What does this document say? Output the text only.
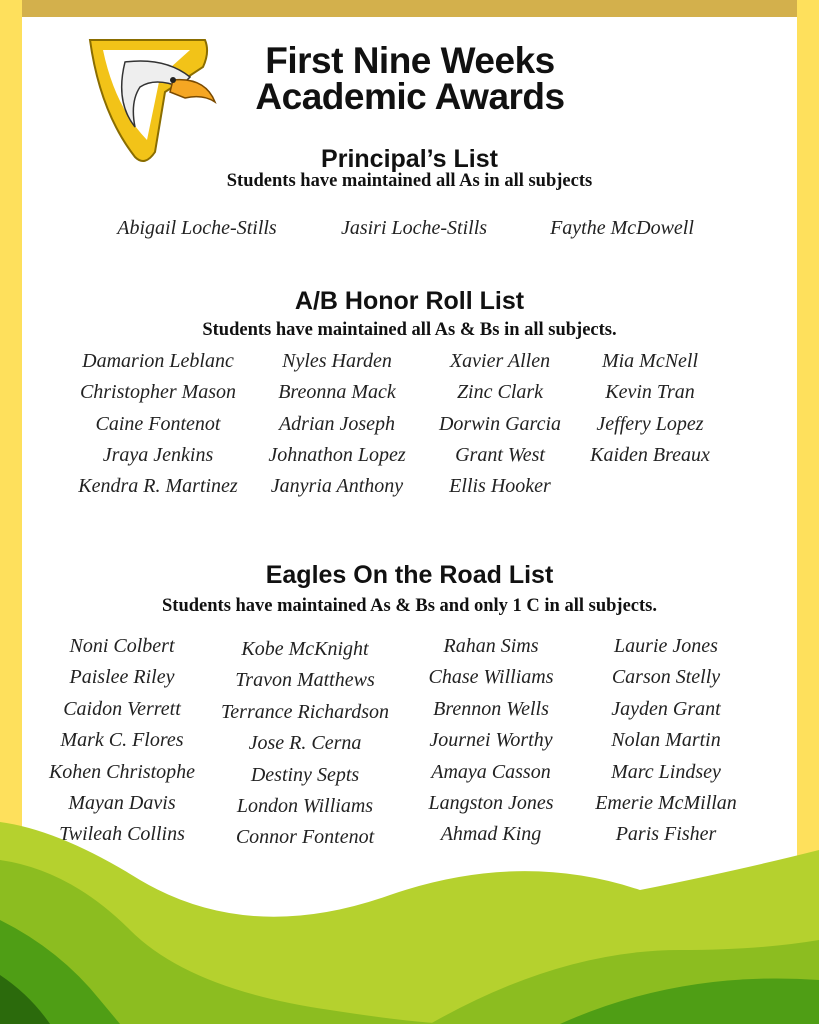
First Nine Weeks
Academic Awards
Principal’s List
Students have maintained all As in all subjects
Abigail Loche-Stills	Jasiri Loche-Stills	Faythe McDowell
A/B Honor Roll List
Students have maintained all As & Bs in all subjects.
Damarion Leblanc
Christopher Mason
Caine Fontenot
Jraya Jenkins
Kendra R. Martinez
Nyles Harden
Breonna Mack
Adrian Joseph
Johnathon Lopez
Janyria Anthony
Xavier Allen
Zinc Clark
Dorwin Garcia
Grant West
Ellis Hooker
Mia McNell
Kevin Tran
Jeffery Lopez
Kaiden Breaux
Eagles On the Road List
Students have maintained As & Bs and only 1 C in all subjects.
Noni Colbert
Paislee Riley
Caidon Verrett
Mark C. Flores
Kohen Christophe
Mayan Davis
Twileah Collins
Kobe McKnight
Travon Matthews
Terrance Richardson
Jose R. Cerna
Destiny Septs
London Williams
Connor Fontenot
Rahan Sims
Chase Williams
Brennon Wells
Journei Worthy
Amaya Casson
Langston Jones
Ahmad King
Laurie Jones
Carson Stelly
Jayden Grant
Nolan Martin
Marc Lindsey
Emerie McMillan
Paris Fisher
